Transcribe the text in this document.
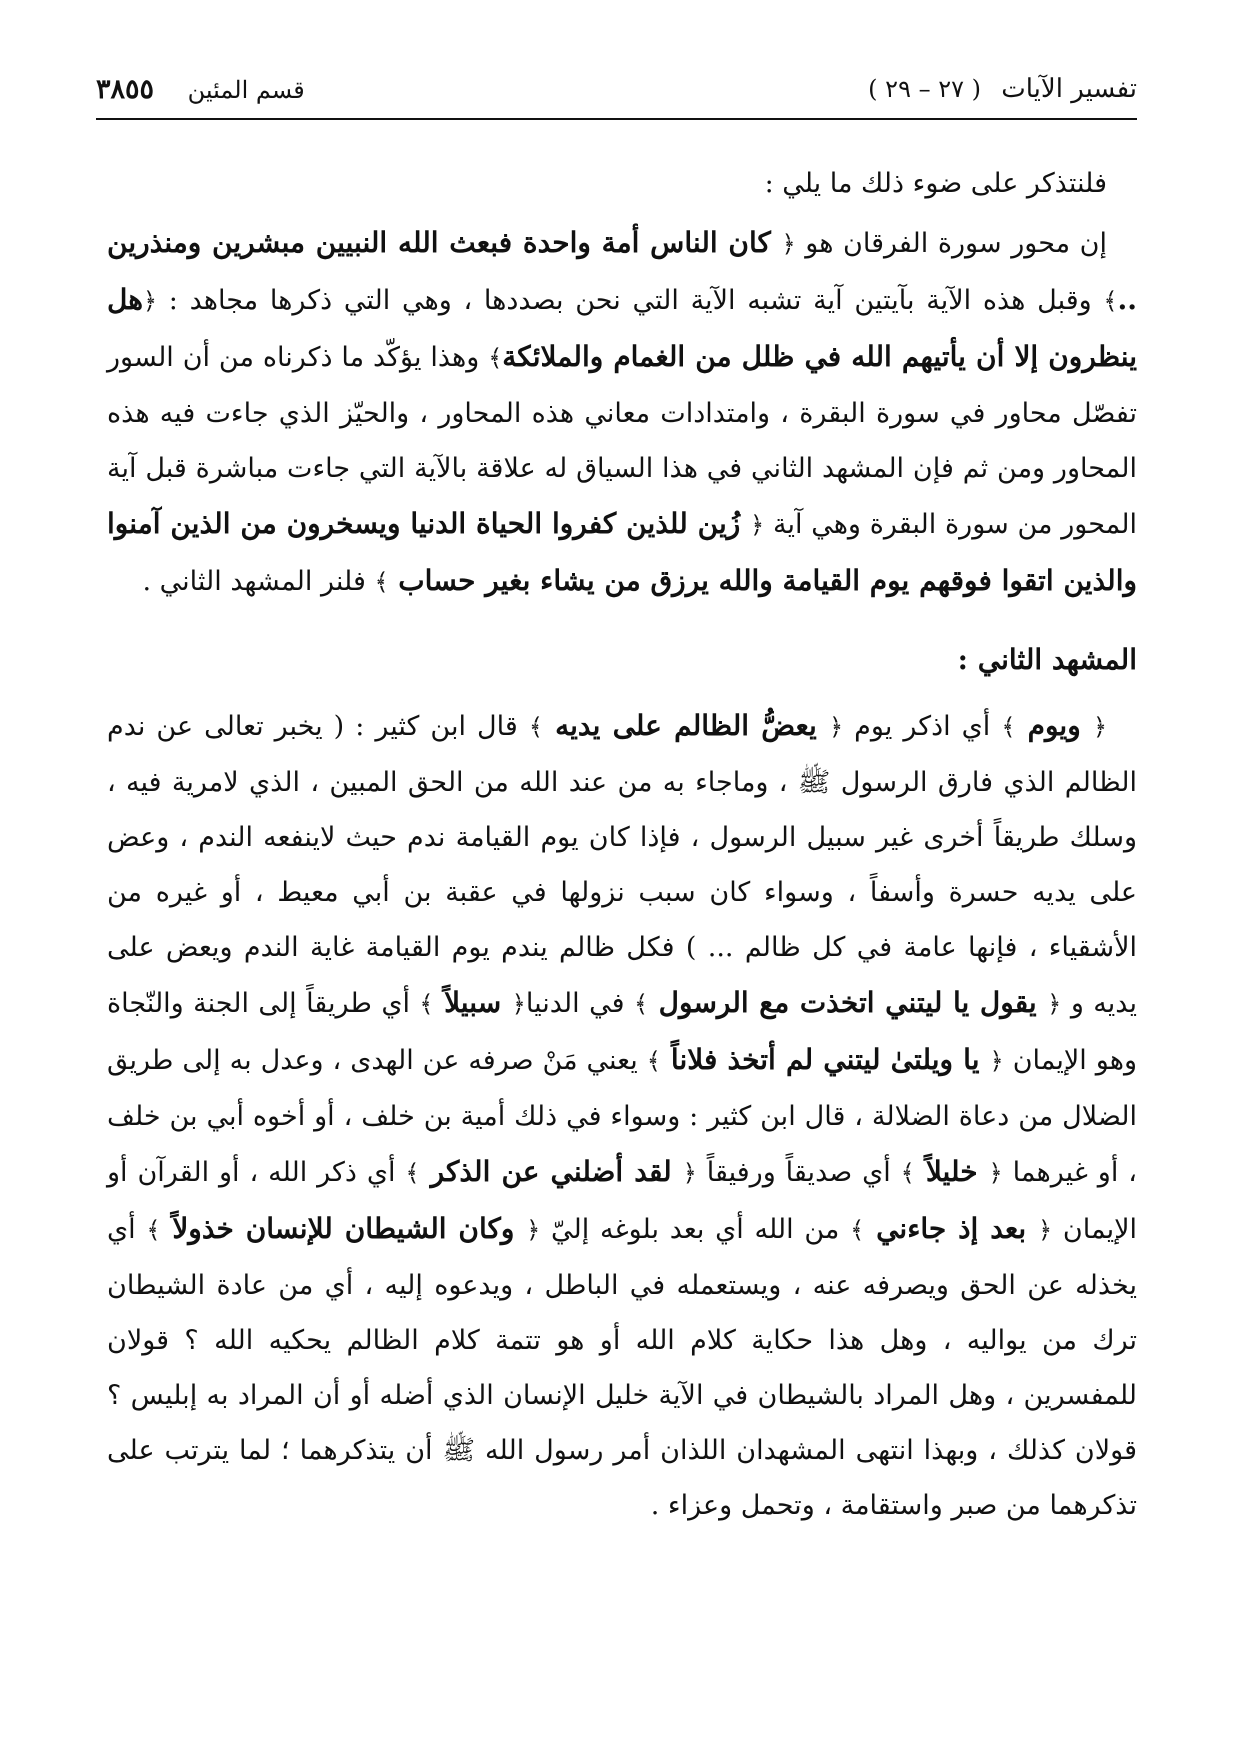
تفسير الآيات ( ٢٧ – ٢٩ )
قسم المئين ٣٨٥٥

فلنتذكر على ضوء ذلك ما يلي :

إن محور سورة الفرقان هو ﴿ كان الناس أمة واحدة فبعث الله النبيين مبشرين ومنذرين ..﴾ وقبل هذه الآية بآيتين آية تشبه الآية التي نحن بصددها ، وهي التي ذكرها مجاهد : ﴿هل ينظرون إلا أن يأتيهم الله في ظلل من الغمام والملائكة﴾ وهذا يؤكّد ما ذكرناه من أن السور تفصّل محاور في سورة البقرة ، وامتدادات معاني هذه المحاور ، والحيّز الذي جاءت فيه هذه المحاور ومن ثم فإن المشهد الثاني في هذا السياق له علاقة بالآية التي جاءت مباشرة قبل آية المحور من سورة البقرة وهي آية ﴿ زُين للذين كفروا الحياة الدنيا ويسخرون من الذين آمنوا والذين اتقوا فوقهم يوم القيامة والله يرزق من يشاء بغير حساب ﴾ فلنر المشهد الثاني .

المشهد الثاني :

﴿ ويوم ﴾ أي اذكر يوم ﴿ يعضُّ الظالم على يديه ﴾ قال ابن كثير : ( يخبر تعالى عن ندم الظالم الذي فارق الرسول ﷺ ، وماجاء به من عند الله من الحق المبين ، الذي لامرية فيه ، وسلك طريقاً أخرى غير سبيل الرسول ، فإذا كان يوم القيامة ندم حيث لاينفعه الندم ، وعض على يديه حسرة وأسفاً ، وسواء كان سبب نزولها في عقبة بن أبي معيط ، أو غيره من الأشقياء ، فإنها عامة في كل ظالم ... ) فكل ظالم يندم يوم القيامة غاية الندم ويعض على يديه و ﴿ يقول يا ليتني اتخذت مع الرسول ﴾ في الدنيا﴿ سبيلاً ﴾ أي طريقاً إلى الجنة والنّجاة وهو الإيمان ﴿ يا ويلتىٰ ليتني لم أتخذ فلاناً ﴾ يعني مَنْ صرفه عن الهدى ، وعدل به إلى طريق الضلال من دعاة الضلالة ، قال ابن كثير : وسواء في ذلك أمية بن خلف ، أو أخوه أبي بن خلف ، أو غيرهما ﴿ خليلاً ﴾ أي صديقاً ورفيقاً ﴿ لقد أضلني عن الذكر ﴾ أي ذكر الله ، أو القرآن أو الإيمان ﴿ بعد إذ جاءني ﴾ من الله أي بعد بلوغه إليّ ﴿ وكان الشيطان للإنسان خذولاً ﴾ أي يخذله عن الحق ويصرفه عنه ، ويستعمله في الباطل ، ويدعوه إليه ، أي من عادة الشيطان ترك من يواليه ، وهل هذا حكاية كلام الله أو هو تتمة كلام الظالم يحكيه الله ؟ قولان للمفسرين ، وهل المراد بالشيطان في الآية خليل الإنسان الذي أضله أو أن المراد به إبليس ؟ قولان كذلك ، وبهذا انتهى المشهدان اللذان أمر رسول الله ﷺ أن يتذكرهما ؛ لما يترتب على تذكرهما من صبر واستقامة ، وتحمل وعزاء .
